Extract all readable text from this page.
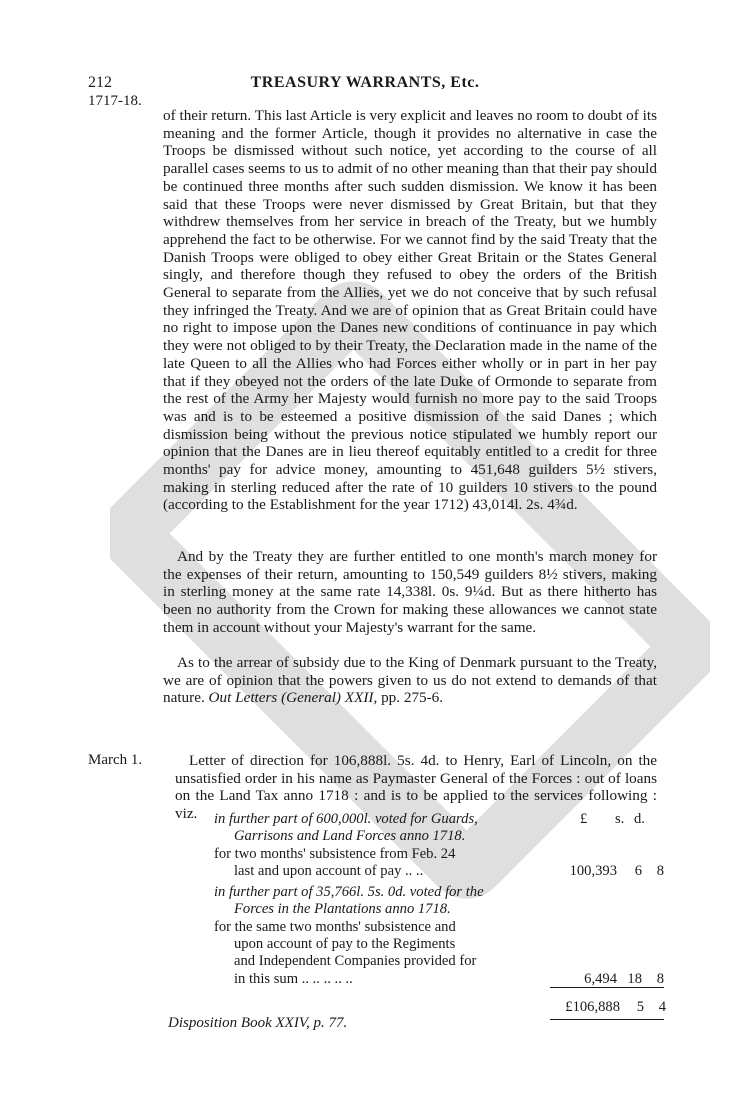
212	TREASURY WARRANTS, Etc.
1717-18.
of their return. This last Article is very explicit and leaves no room to doubt of its meaning and the former Article, though it provides no alternative in case the Troops be dismissed without such notice, yet according to the course of all parallel cases seems to us to admit of no other meaning than that their pay should be continued three months after such sudden dismission. We know it has been said that these Troops were never dismissed by Great Britain, but that they withdrew themselves from her service in breach of the Treaty, but we humbly apprehend the fact to be otherwise. For we cannot find by the said Treaty that the Danish Troops were obliged to obey either Great Britain or the States General singly, and therefore though they refused to obey the orders of the British General to separate from the Allies, yet we do not conceive that by such refusal they infringed the Treaty. And we are of opinion that as Great Britain could have no right to impose upon the Danes new conditions of continuance in pay which they were not obliged to by their Treaty, the Declaration made in the name of the late Queen to all the Allies who had Forces either wholly or in part in her pay that if they obeyed not the orders of the late Duke of Ormonde to separate from the rest of the Army her Majesty would furnish no more pay to the said Troops was and is to be esteemed a positive dismission of the said Danes ; which dismission being without the previous notice stipulated we humbly report our opinion that the Danes are in lieu thereof equitably entitled to a credit for three months' pay for advice money, amounting to 451,648 guilders 5½ stivers, making in sterling reduced after the rate of 10 guilders 10 stivers to the pound (according to the Establishment for the year 1712) 43,014l. 2s. 4¾d.
And by the Treaty they are further entitled to one month's march money for the expenses of their return, amounting to 150,549 guilders 8½ stivers, making in sterling money at the same rate 14,338l. 0s. 9¼d. But as there hitherto has been no authority from the Crown for making these allowances we cannot state them in account without your Majesty's warrant for the same.
As to the arrear of subsidy due to the King of Denmark pursuant to the Treaty, we are of opinion that the powers given to us do not extend to demands of that nature. Out Letters (General) XXII, pp. 275-6.
March 1.	Letter of direction for 106,888l. 5s. 4d. to Henry, Earl of Lincoln, on the unsatisfied order in his name as Paymaster General of the Forces : out of loans on the Land Tax anno 1718 : and is to be applied to the services following : viz.	£ s. d.
in further part of 600,000l. voted for Guards,
Garrisons and Land Forces anno 1718.
for two months' subsistence from Feb. 24
last and upon account of pay .. ..	100,393 6 8
in further part of 35,766l. 5s. 0d. voted for the
Forces in the Plantations anno 1718.
for the same two months' subsistence and
upon account of pay to the Regiments
and Independent Companies provided for
in this sum .. .. .. .. ..	6,494 18 8
£106,888 5 4
Disposition Book XXIV, p. 77.
